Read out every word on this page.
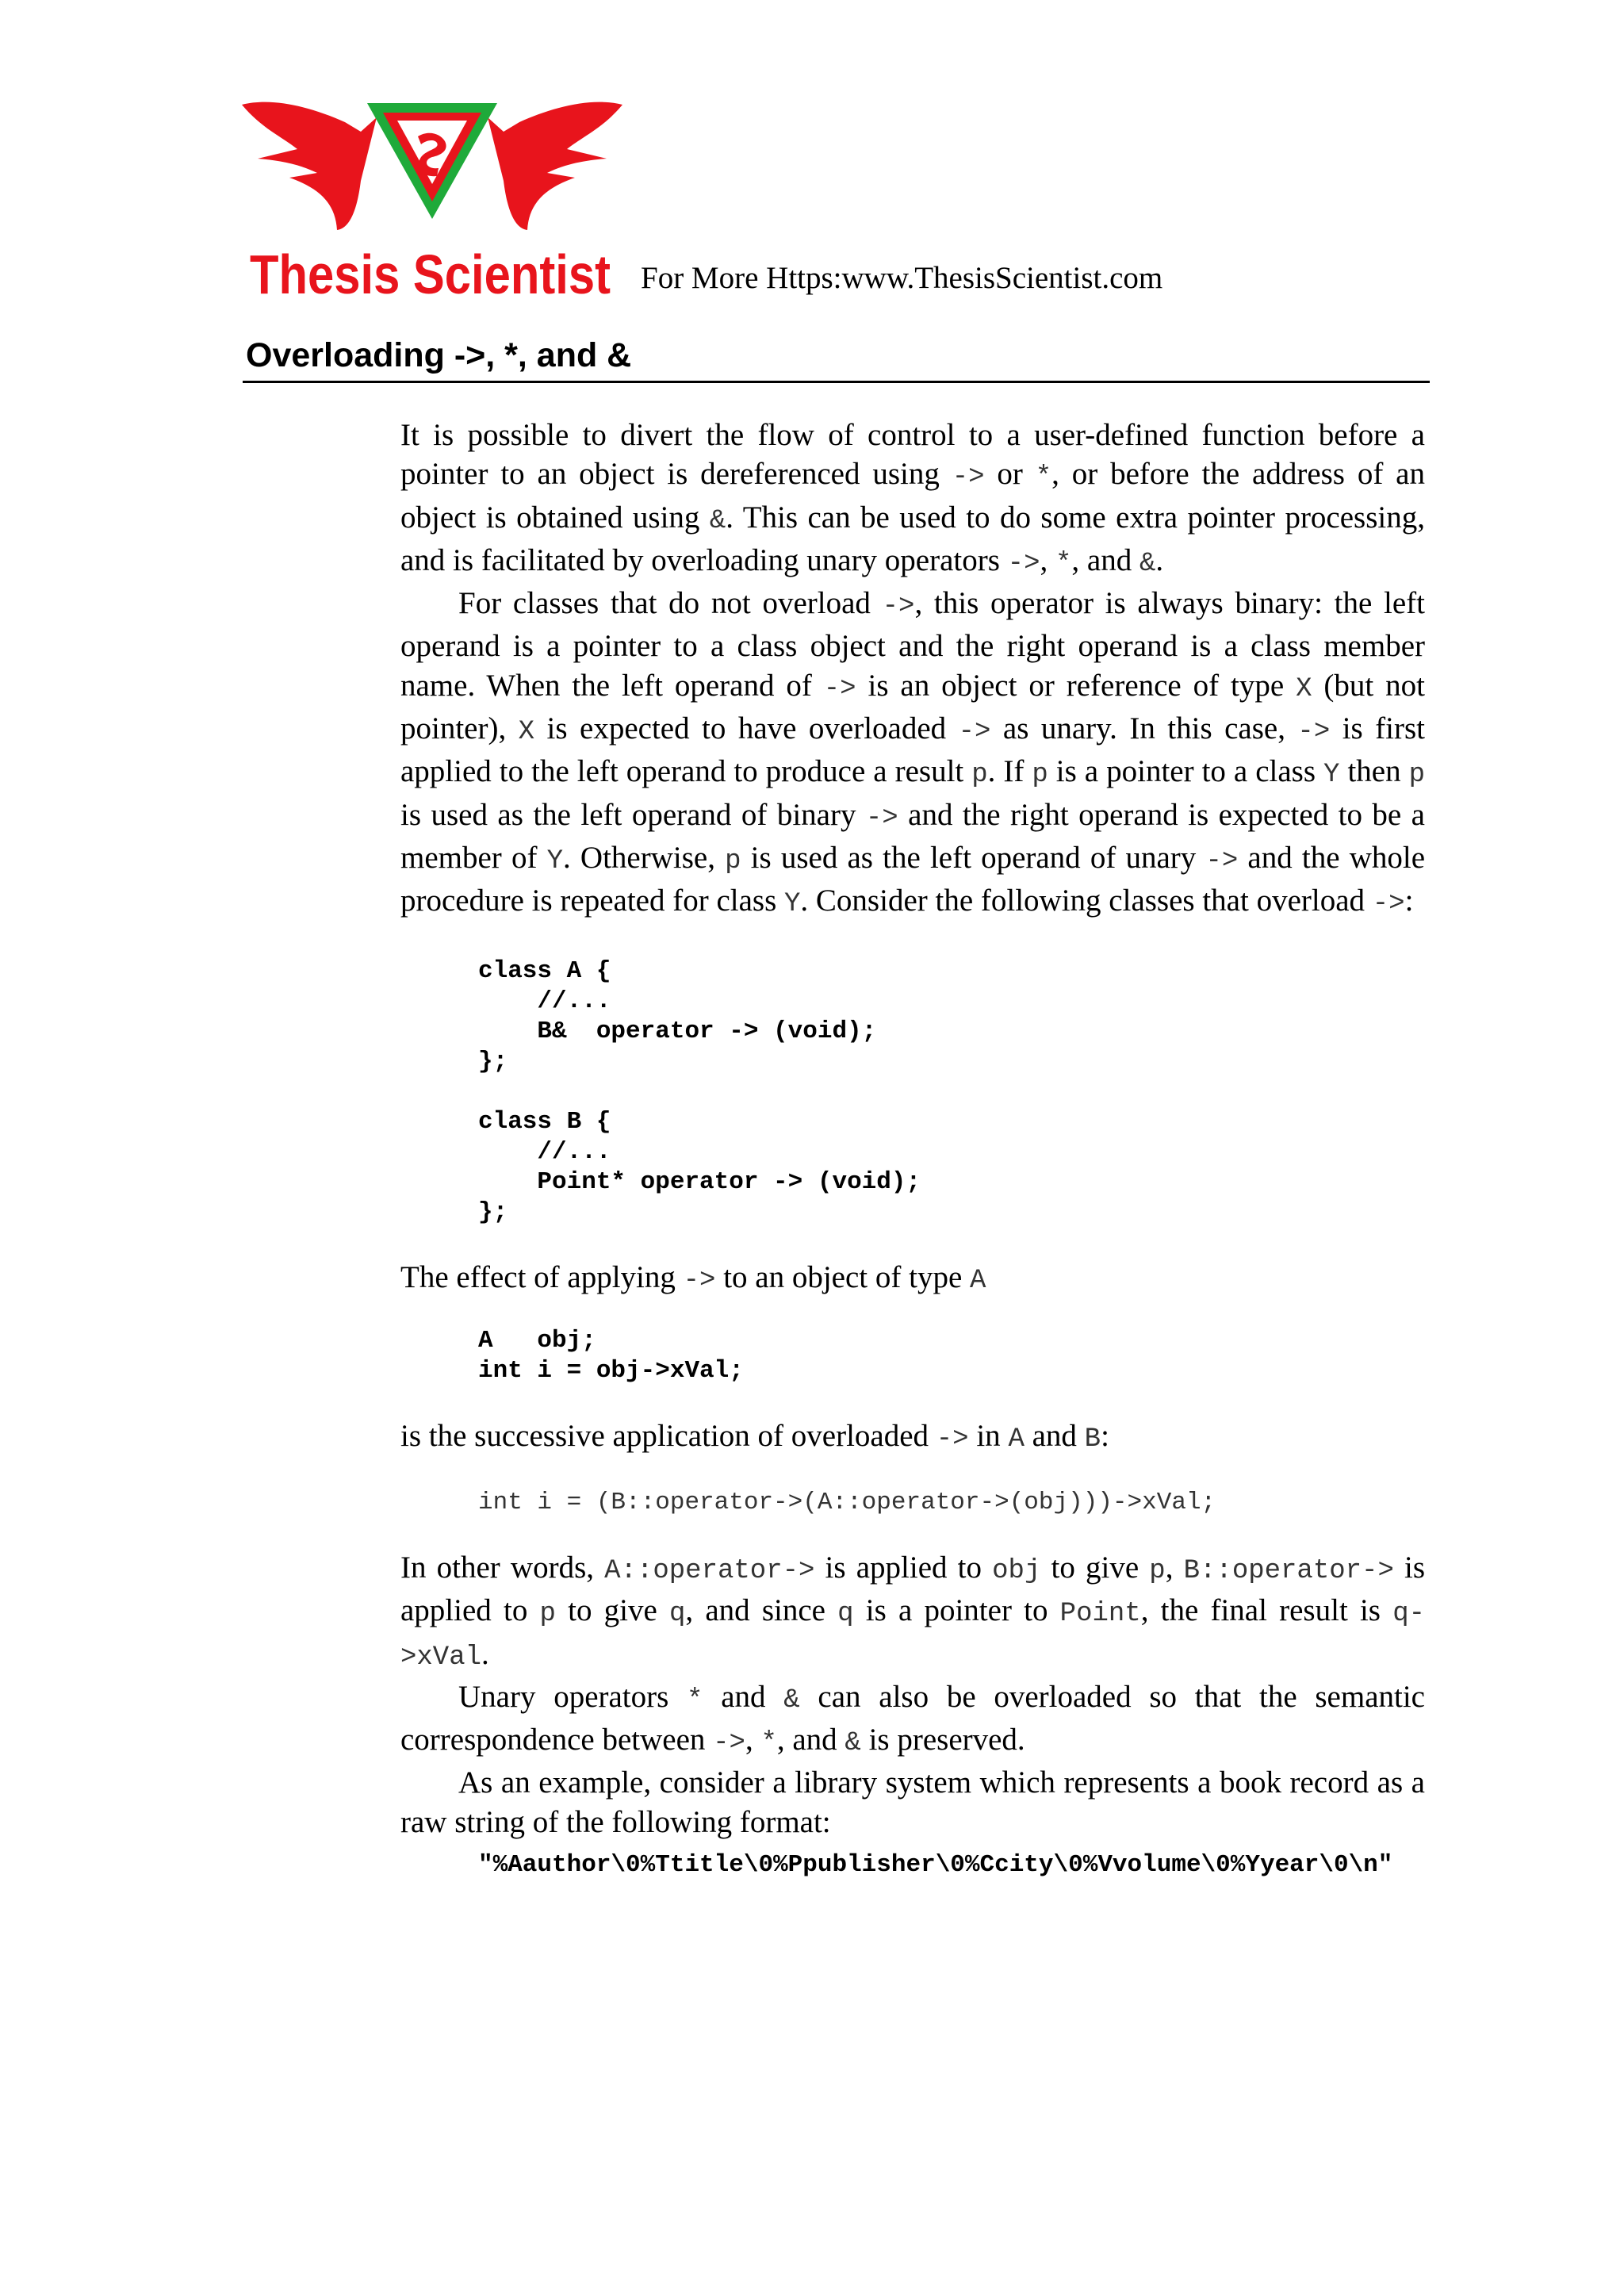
Thesis Scientist For More Https:www.ThesisScientist.com
Overloading ->, *, and &

It is possible to divert the flow of control to a user-defined function before a pointer to an object is dereferenced using -> or *, or before the address of an object is obtained using &. This can be used to do some extra pointer processing, and is facilitated by overloading unary operators ->, *, and &.

For classes that do not overload ->, this operator is always binary: the left operand is a pointer to a class object and the right operand is a class member name. When the left operand of -> is an object or reference of type X (but not pointer), X is expected to have overloaded -> as unary. In this case, -> is first applied to the left operand to produce a result p. If p is a pointer to a class Y then p is used as the left operand of binary -> and the right operand is expected to be a member of Y. Otherwise, p is used as the left operand of unary -> and the whole procedure is repeated for class Y. Consider the following classes that overload ->:

class A {
//...
B&  operator -> (void);
};

class B {
//...
Point* operator -> (void);
};

The effect of applying -> to an object of type A

A   obj;
int i = obj->xVal;

is the successive application of overloaded -> in A and B:

int i = (B::operator->(A::operator->(obj)))->xVal;

In other words, A::operator-> is applied to obj to give p, B::operator-> is applied to p to give q, and since q is a pointer to Point, the final result is q->xVal.

Unary operators * and & can also be overloaded so that the semantic correspondence between ->, *, and & is preserved.

As an example, consider a library system which represents a book record as a raw string of the following format:

"%Aauthor\0%Ttitle\0%Ppublisher\0%Ccity\0%Vvolume\0%Yyear\0\n"
